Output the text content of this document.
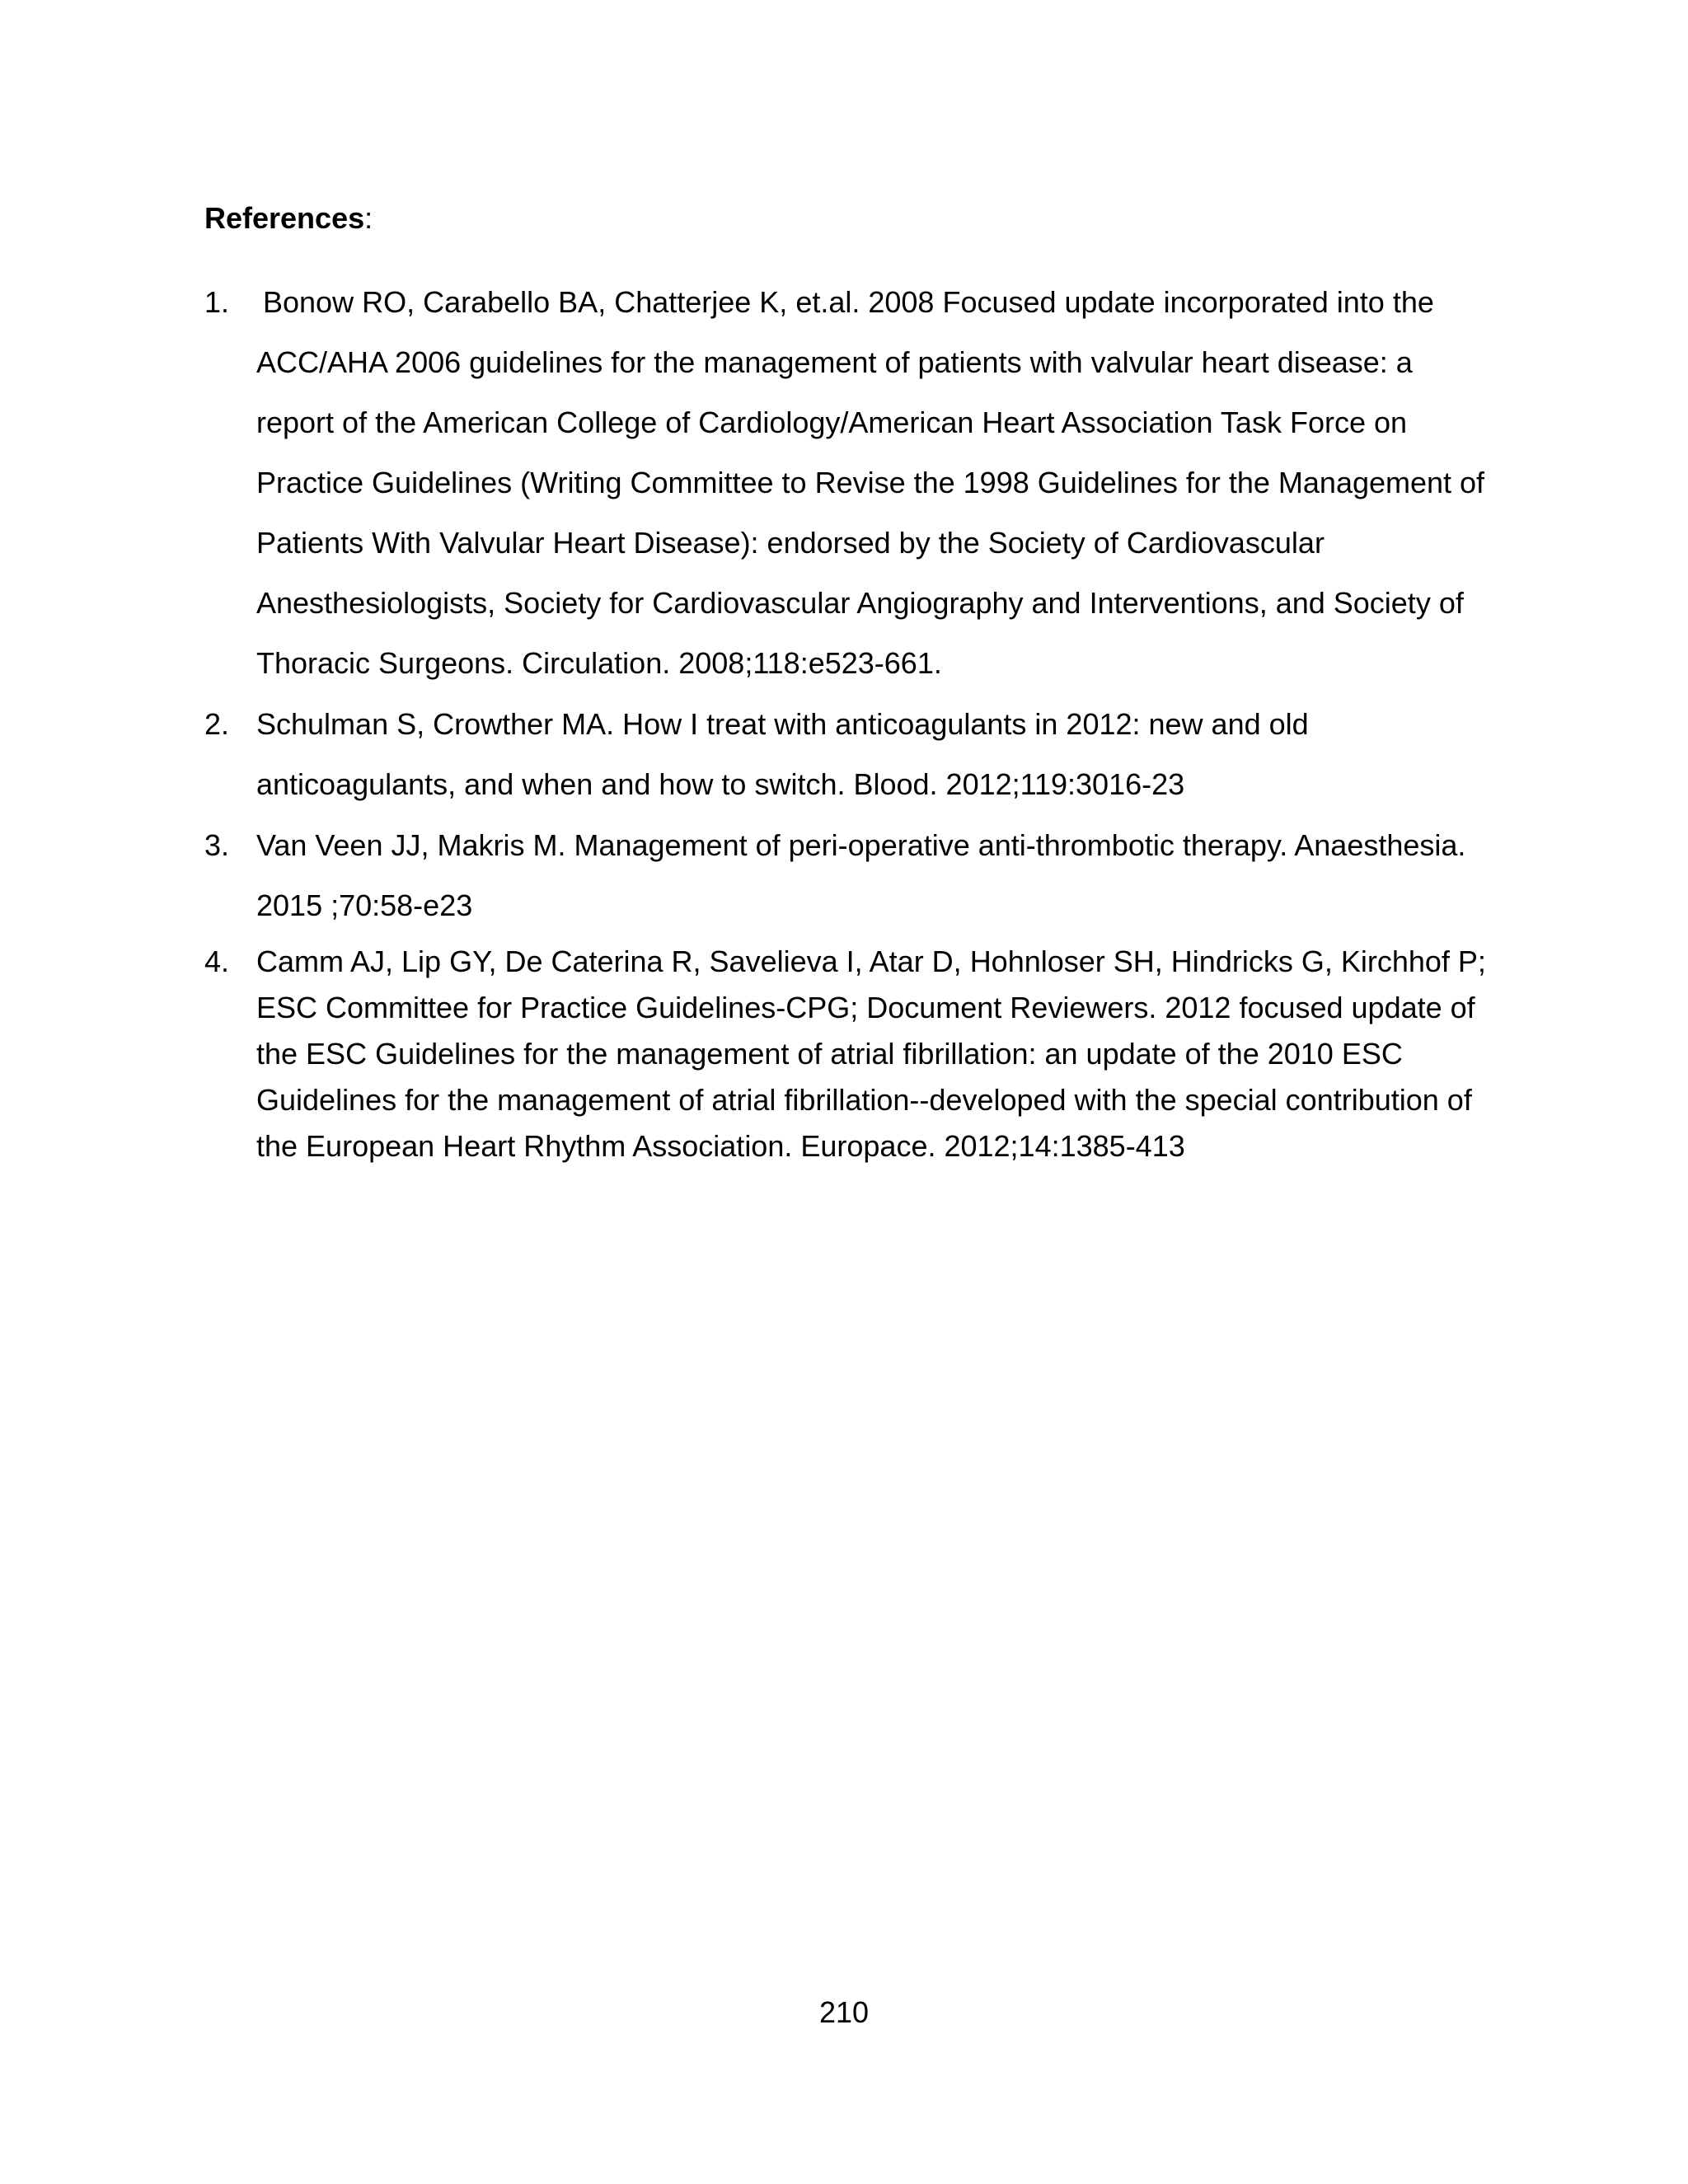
References:
1. Bonow RO, Carabello BA, Chatterjee K, et.al. 2008 Focused update incorporated into the ACC/AHA 2006 guidelines for the management of patients with valvular heart disease: a report of the American College of Cardiology/American Heart Association Task Force on Practice Guidelines (Writing Committee to Revise the 1998 Guidelines for the Management of Patients With Valvular Heart Disease): endorsed by the Society of Cardiovascular Anesthesiologists, Society for Cardiovascular Angiography and Interventions, and Society of Thoracic Surgeons. Circulation. 2008;118:e523-661.
2. Schulman S, Crowther MA. How I treat with anticoagulants in 2012: new and old anticoagulants, and when and how to switch. Blood. 2012;119:3016-23
3. Van Veen JJ, Makris M. Management of peri-operative anti-thrombotic therapy. Anaesthesia. 2015 ;70:58-e23
4. Camm AJ, Lip GY, De Caterina R, Savelieva I, Atar D, Hohnloser SH, Hindricks G, Kirchhof P; ESC Committee for Practice Guidelines-CPG; Document Reviewers. 2012 focused update of the ESC Guidelines for the management of atrial fibrillation: an update of the 2010 ESC Guidelines for the management of atrial fibrillation--developed with the special contribution of the European Heart Rhythm Association. Europace. 2012;14:1385-413
210
